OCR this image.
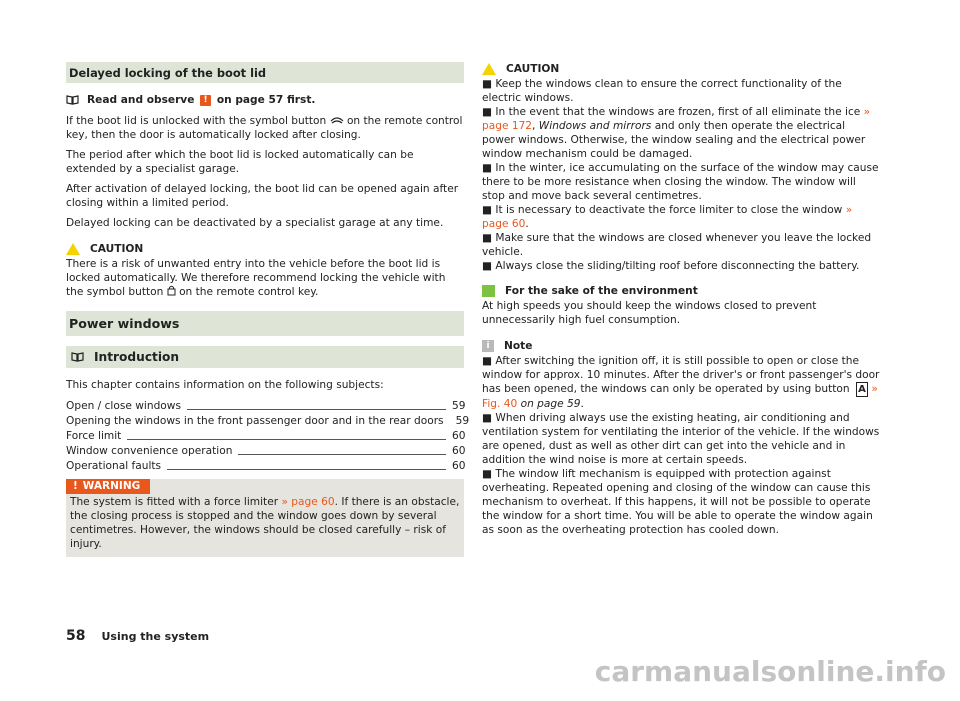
Delayed locking of the boot lid
Read and observe
	!
on page 57 first.

If the boot lid is unlocked with the symbol button on the remote control key, then the door is automatically locked after closing.

The period after which the boot lid is locked automatically can be extended by a specialist garage.

After activation of delayed locking, the boot lid can be opened again after closing within a limited period.

Delayed locking can be deactivated by a specialist garage at any time.

CAUTION

There is a risk of unwanted entry into the vehicle before the boot lid is locked automatically. We therefore recommend locking the vehicle with the symbol button on the remote control key.

Power windows
Introduction

This chapter contains information on the following subjects:

Open / close windows	59
Opening the windows in the front passenger door and in the rear doors 59
Force limit	60
Window convenience operation	60
Operational faults	60
! WARNING
The system is fitted with a force limiter » page 60. If there is an obstacle, the closing process is stopped and the window goes down by several centimetres. However, the windows should be closed carefully – risk of injury.
CAUTION

■ Keep the windows clean to ensure the correct functionality of the electric windows.

■ In the event that the windows are frozen, first of all eliminate the ice » page 172, Windows and mirrors and only then operate the electrical power windows. Otherwise, the window sealing and the electrical power window mechanism could be damaged.

■ In the winter, ice accumulating on the surface of the window may cause there to be more resistance when closing the window. The window will stop and move back several centimetres.

■ It is necessary to deactivate the force limiter to close the window » page 60.

■ Make sure that the windows are closed whenever you leave the locked vehicle.

■ Always close the sliding/tilting roof before disconnecting the battery.

For the sake of the environment

At high speeds you should keep the windows closed to prevent unnecessarily high fuel consumption.

i	Note

■ After switching the ignition off, it is still possible to open or close the window for approx. 10 minutes. After the driver's or front passenger's door has been opened, the windows can only be operated by using button A » Fig. 40 on page 59.

■ When driving always use the existing heating, air conditioning and ventilation system for ventilating the interior of the vehicle. If the windows are opened, dust as well as other dirt can get into the vehicle and in addition the wind noise is more at certain speeds.

■ The window lift mechanism is equipped with protection against overheating. Repeated opening and closing of the window can cause this mechanism to overheat. If this happens, it will not be possible to operate the window for a short time. You will be able to operate the window again as soon as the overheating protection has cooled down.

58 Using the system
carmanualsonline.info
